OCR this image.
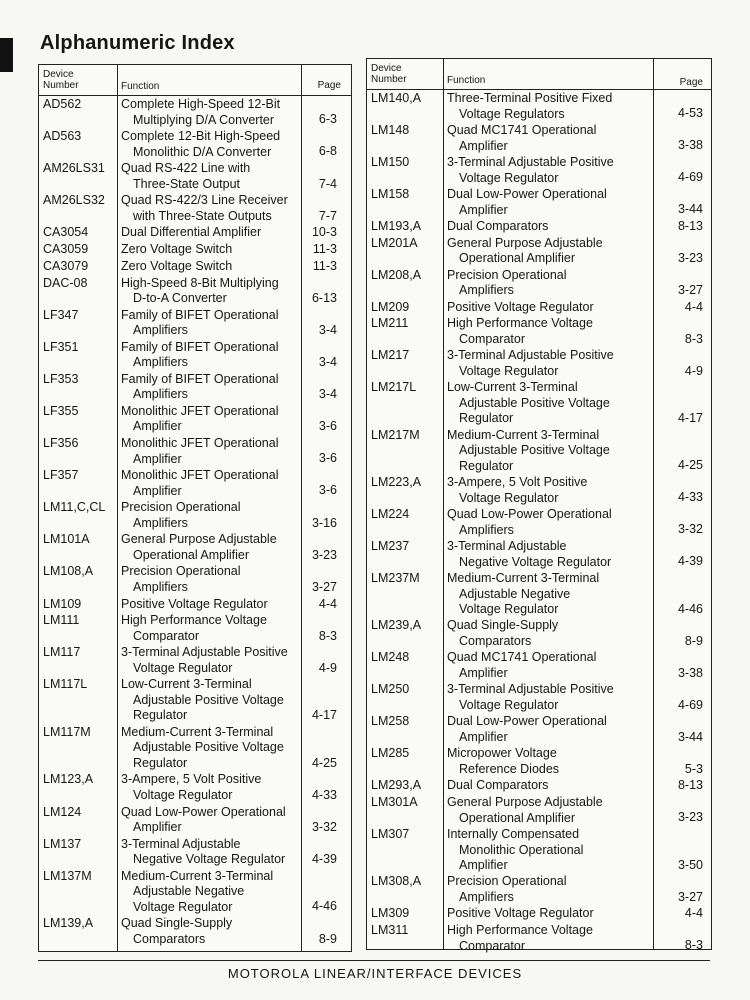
Alphanumeric Index
Device
Number	Function	Page
AD562	Complete High-Speed 12-Bit
Multiplying D/A Converter	6-3
AD563	Complete 12-Bit High-Speed
Monolithic D/A Converter	6-8
AM26LS31 Quad RS-422 Line with
Three-State Output	7-4
AM26LS32 Quad RS-422/3 Line Receiver
with Three-State Outputs	7-7
CA3054	Dual Differential Amplifier	10-3
CA3059	Zero Voltage Switch	11-3
CA3079	Zero Voltage Switch	11-3
DAC-08	High-Speed 8-Bit Multiplying
D-to-A Converter	6-13
LF347	Family of BIFET Operational
Amplifiers	3-4
LF351	Family of BIFET Operational
Amplifiers	3-4
LF353	Family of BIFET Operational
Amplifiers	3-4
LF355	Monolithic JFET Operational
Amplifier	3-6
LF356	Monolithic JFET Operational
Amplifier	3-6
LF357	Monolithic JFET Operational
Amplifier	3-6
LM11,C,CL Precision Operational
Amplifiers	3-16
LM101A	General Purpose Adjustable
Operational Amplifier	3-23
LM108,A Precision Operational
Amplifiers	3-27
LM109	Positive Voltage Regulator	4-4
LM111	High Performance Voltage
Comparator	8-3
LM117	3-Terminal Adjustable Positive
Voltage Regulator	4-9
LM117L	Low-Current 3-Terminal
Adjustable Positive Voltage
Regulator	4-17
LM117M Medium-Current 3-Terminal
Adjustable Positive Voltage
Regulator	4-25
LM123,A 3-Ampere, 5 Volt Positive
Voltage Regulator	4-33
LM124	Quad Low-Power Operational
Amplifier	3-32
LM137	3-Terminal Adjustable
Negative Voltage Regulator 4-39
LM137M Medium-Current 3-Terminal
Adjustable Negative
Voltage Regulator	4-46
LM139,A Quad Single-Supply
Comparators	8-9
Device
Number	Function	Page
LM140,A Three-Terminal Positive Fixed
Voltage Regulators	4-53
LM148	Quad MC1741 Operational
Amplifier	3-38
LM150	3-Terminal Adjustable Positive
Voltage Regulator	4-69
LM158	Dual Low-Power Operational
Amplifier	3-44
LM193,A Dual Comparators	8-13
LM201A General Purpose Adjustable
Operational Amplifier	3-23
LM208,A Precision Operational
Amplifiers	3-27
LM209	Positive Voltage Regulator	4-4
LM211	High Performance Voltage
Comparator	8-3
LM217	3-Terminal Adjustable Positive
Voltage Regulator	4-9
LM217L Low-Current 3-Terminal
Adjustable Positive Voltage
Regulator	4-17
LM217M Medium-Current 3-Terminal
Adjustable Positive Voltage
Regulator	4-25
LM223,A 3-Ampere, 5 Volt Positive
Voltage Regulator	4-33
LM224	Quad Low-Power Operational
Amplifiers	3-32
LM237	3-Terminal Adjustable
Negative Voltage Regulator	4-39
LM237M Medium-Current 3-Terminal
Adjustable Negative
Voltage Regulator	4-46
LM239,A Quad Single-Supply
Comparators	8-9
LM248	Quad MC1741 Operational
Amplifier	3-38
LM250	3-Terminal Adjustable Positive
Voltage Regulator	4-69
LM258	Dual Low-Power Operational
Amplifier	3-44
LM285	Micropower Voltage
Reference Diodes	5-3
LM293,A Dual Comparators	8-13
LM301A General Purpose Adjustable
Operational Amplifier	3-23
LM307	Internally Compensated
Monolithic Operational
Amplifier	3-50
LM308,A Precision Operational
Amplifiers	3-27
LM309	Positive Voltage Regulator	4-4
LM311	High Performance Voltage
Comparator	8-3
MOTOROLA LINEAR/INTERFACE DEVICES
